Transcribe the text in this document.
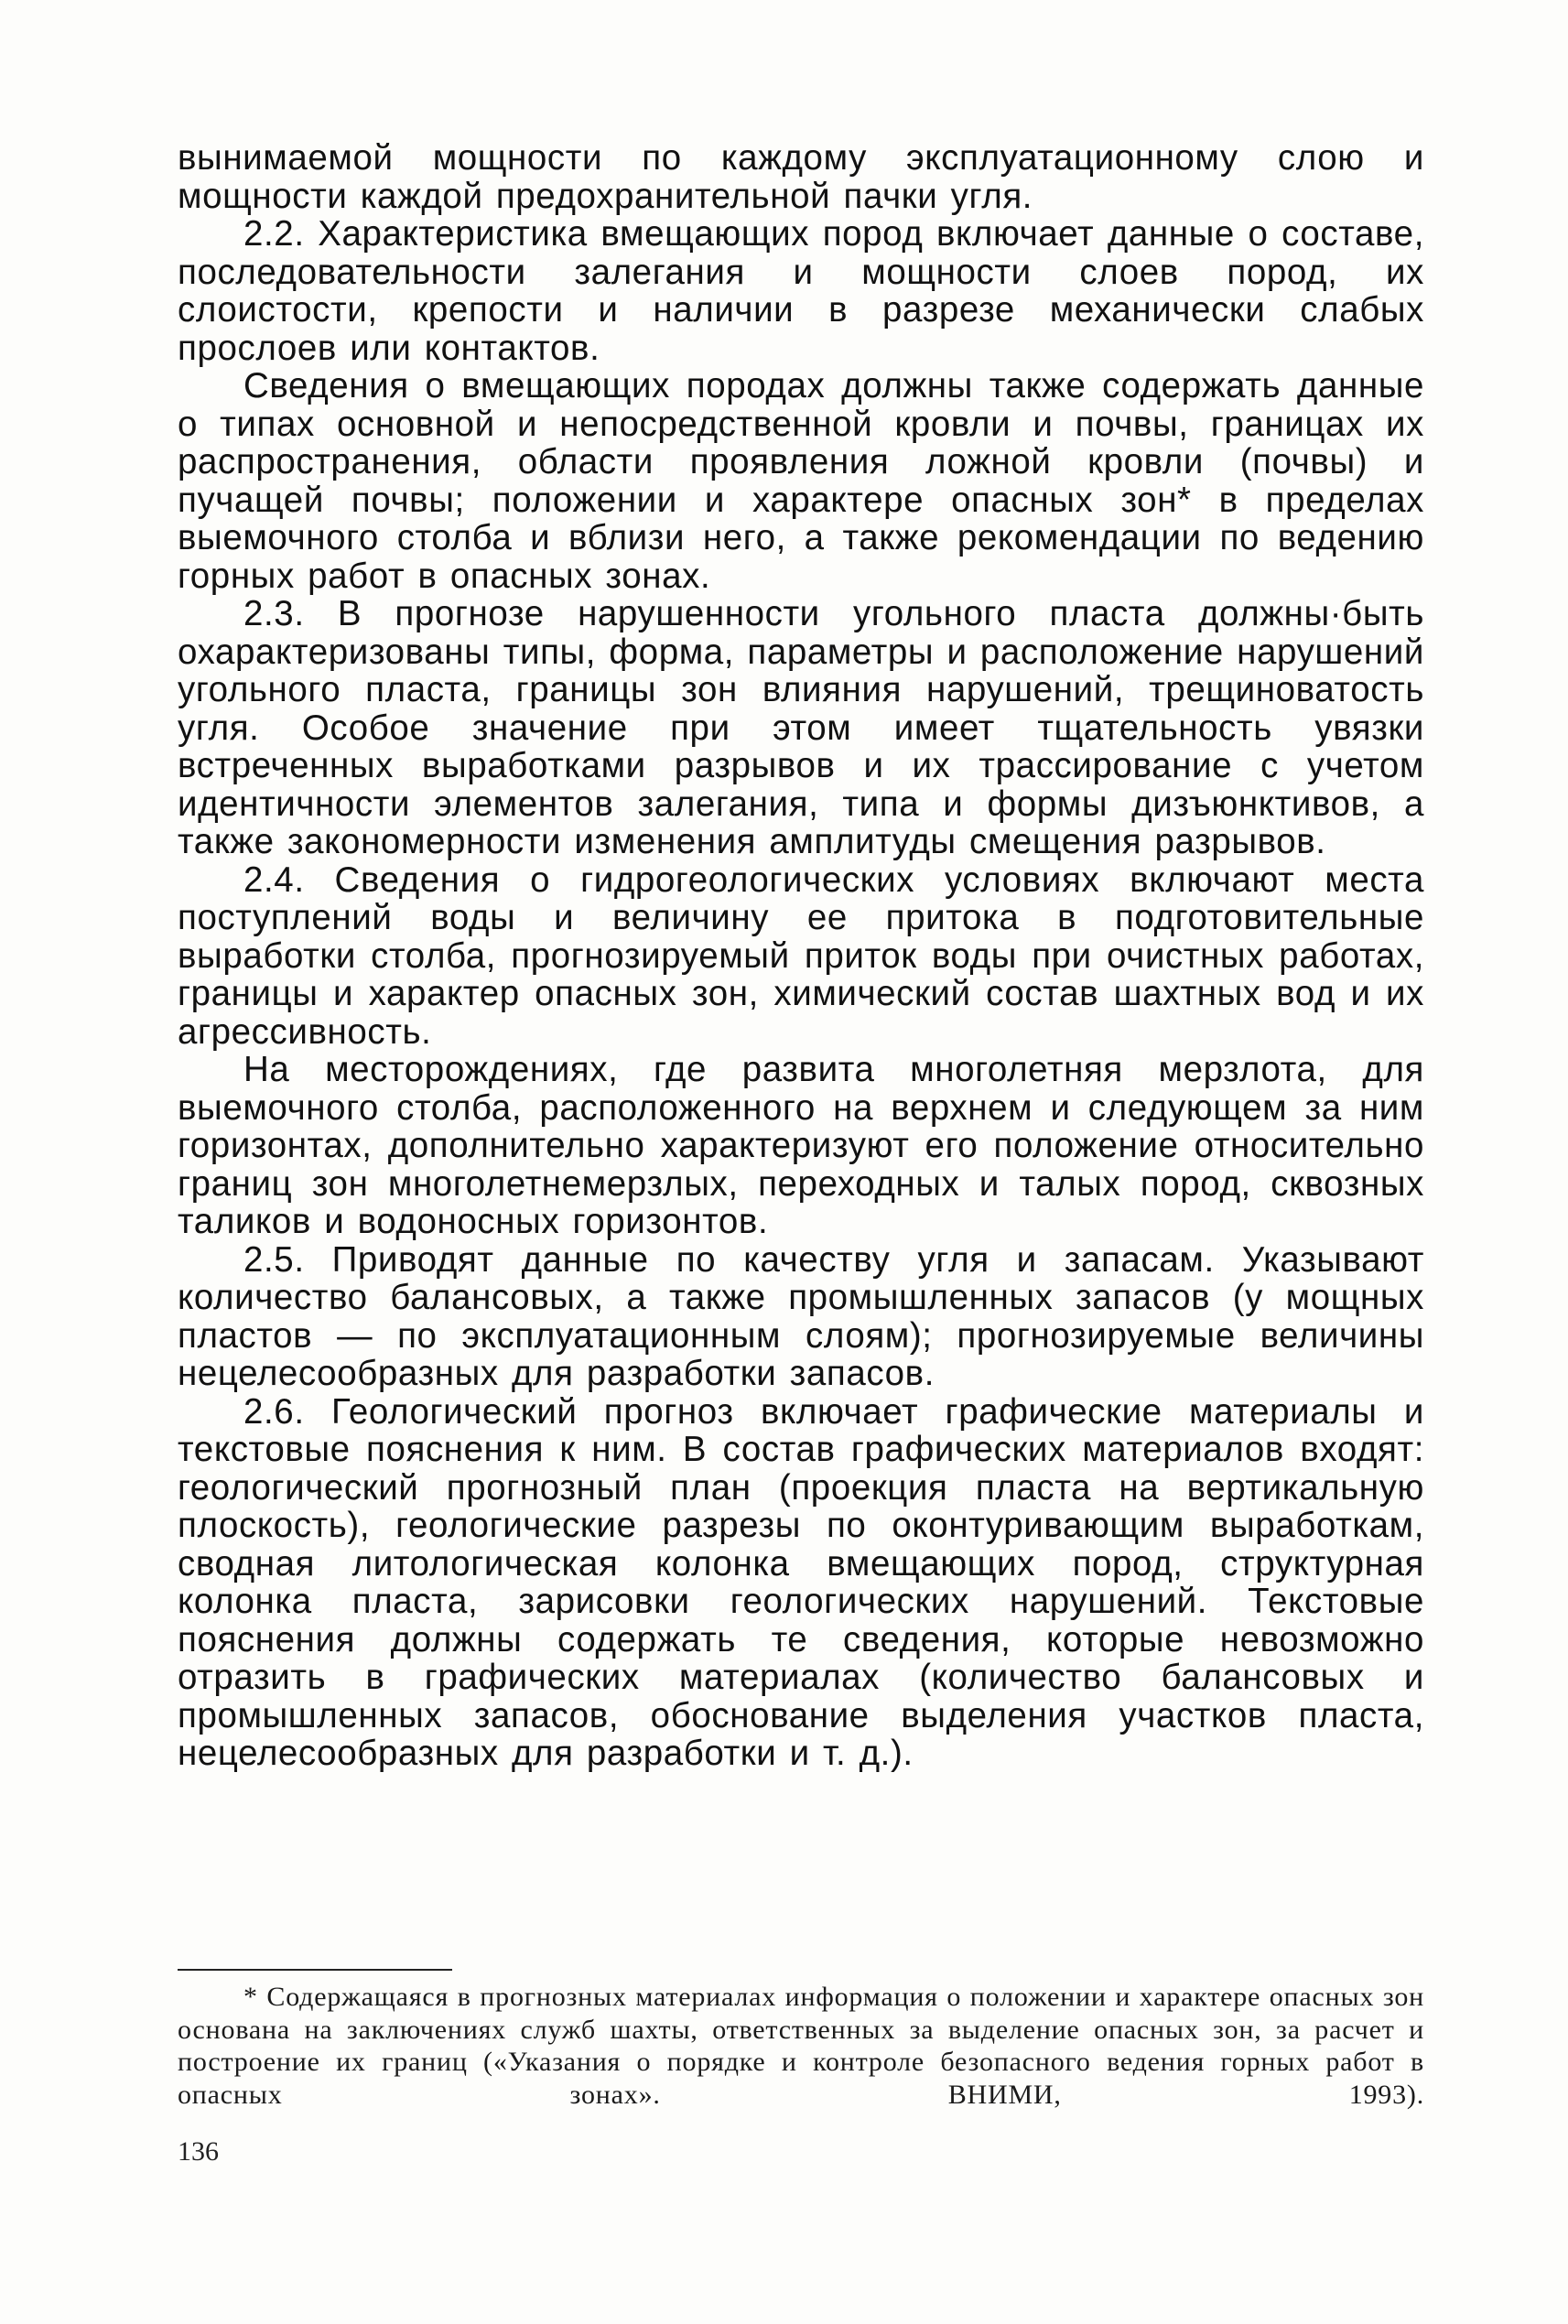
вынимаемой мощности по каждому эксплуатационному слою и мощности каждой предохранительной пачки угля.

2.2. Характеристика вмещающих пород включает данные о составе, последовательности залегания и мощности слоев пород, их слоистости, крепости и наличии в разрезе механически слабых прослоев или контактов.

Сведения о вмещающих породах должны также содержать данные о типах основной и непосредственной кровли и почвы, границах их распространения, области проявления ложной кровли (почвы) и пучащей почвы; положении и характере опасных зон* в пределах выемочного столба и вблизи него, а также рекомендации по ведению горных работ в опасных зонах.

2.3. В прогнозе нарушенности угольного пласта должны·быть охарактеризованы типы, форма, параметры и расположение нарушений угольного пласта, границы зон влияния нарушений, трещиноватость угля. Особое значение при этом имеет тщательность увязки встреченных выработками разрывов и их трассирование с учетом идентичности элементов залегания, типа и формы дизъюнктивов, а также закономерности изменения амплитуды смещения разрывов.

2.4. Сведения о гидрогеологических условиях включают места поступлений воды и величину ее притока в подготовительные выработки столба, прогнозируемый приток воды при очистных работах, границы и характер опасных зон, химический состав шахтных вод и их агрессивность.

На месторождениях, где развита многолетняя мерзлота, для выемочного столба, расположенного на верхнем и следующем за ним горизонтах, дополнительно характеризуют его положение относительно границ зон многолетнемерзлых, переходных и талых пород, сквозных таликов и водоносных горизонтов.

2.5. Приводят данные по качеству угля и запасам. Указывают количество балансовых, а также промышленных запасов (у мощных пластов — по эксплуатационным слоям); прогнозируемые величины нецелесообразных для разработки запасов.

2.6. Геологический прогноз включает графические материалы и текстовые пояснения к ним. В состав графических материалов входят: геологический прогнозный план (проекция пласта на вертикальную плоскость), геологические разрезы по оконтуривающим выработкам, сводная литологическая колонка вмещающих пород, структурная колонка пласта, зарисовки геологических нарушений. Текстовые пояснения должны содержать те сведения, которые невозможно отразить в графических материалах (количество балансовых и промышленных запасов, обоснование выделения участков пласта, нецелесообразных для разработки и т. д.).

* Содержащаяся в прогнозных материалах информация о положении и характере опасных зон основана на заключениях служб шахты, ответственных за выделение опасных зон, за расчет и построение их границ («Указания о порядке и контроле безопасного ведения горных работ в опасных зонах». ВНИМИ, 1993).

136
